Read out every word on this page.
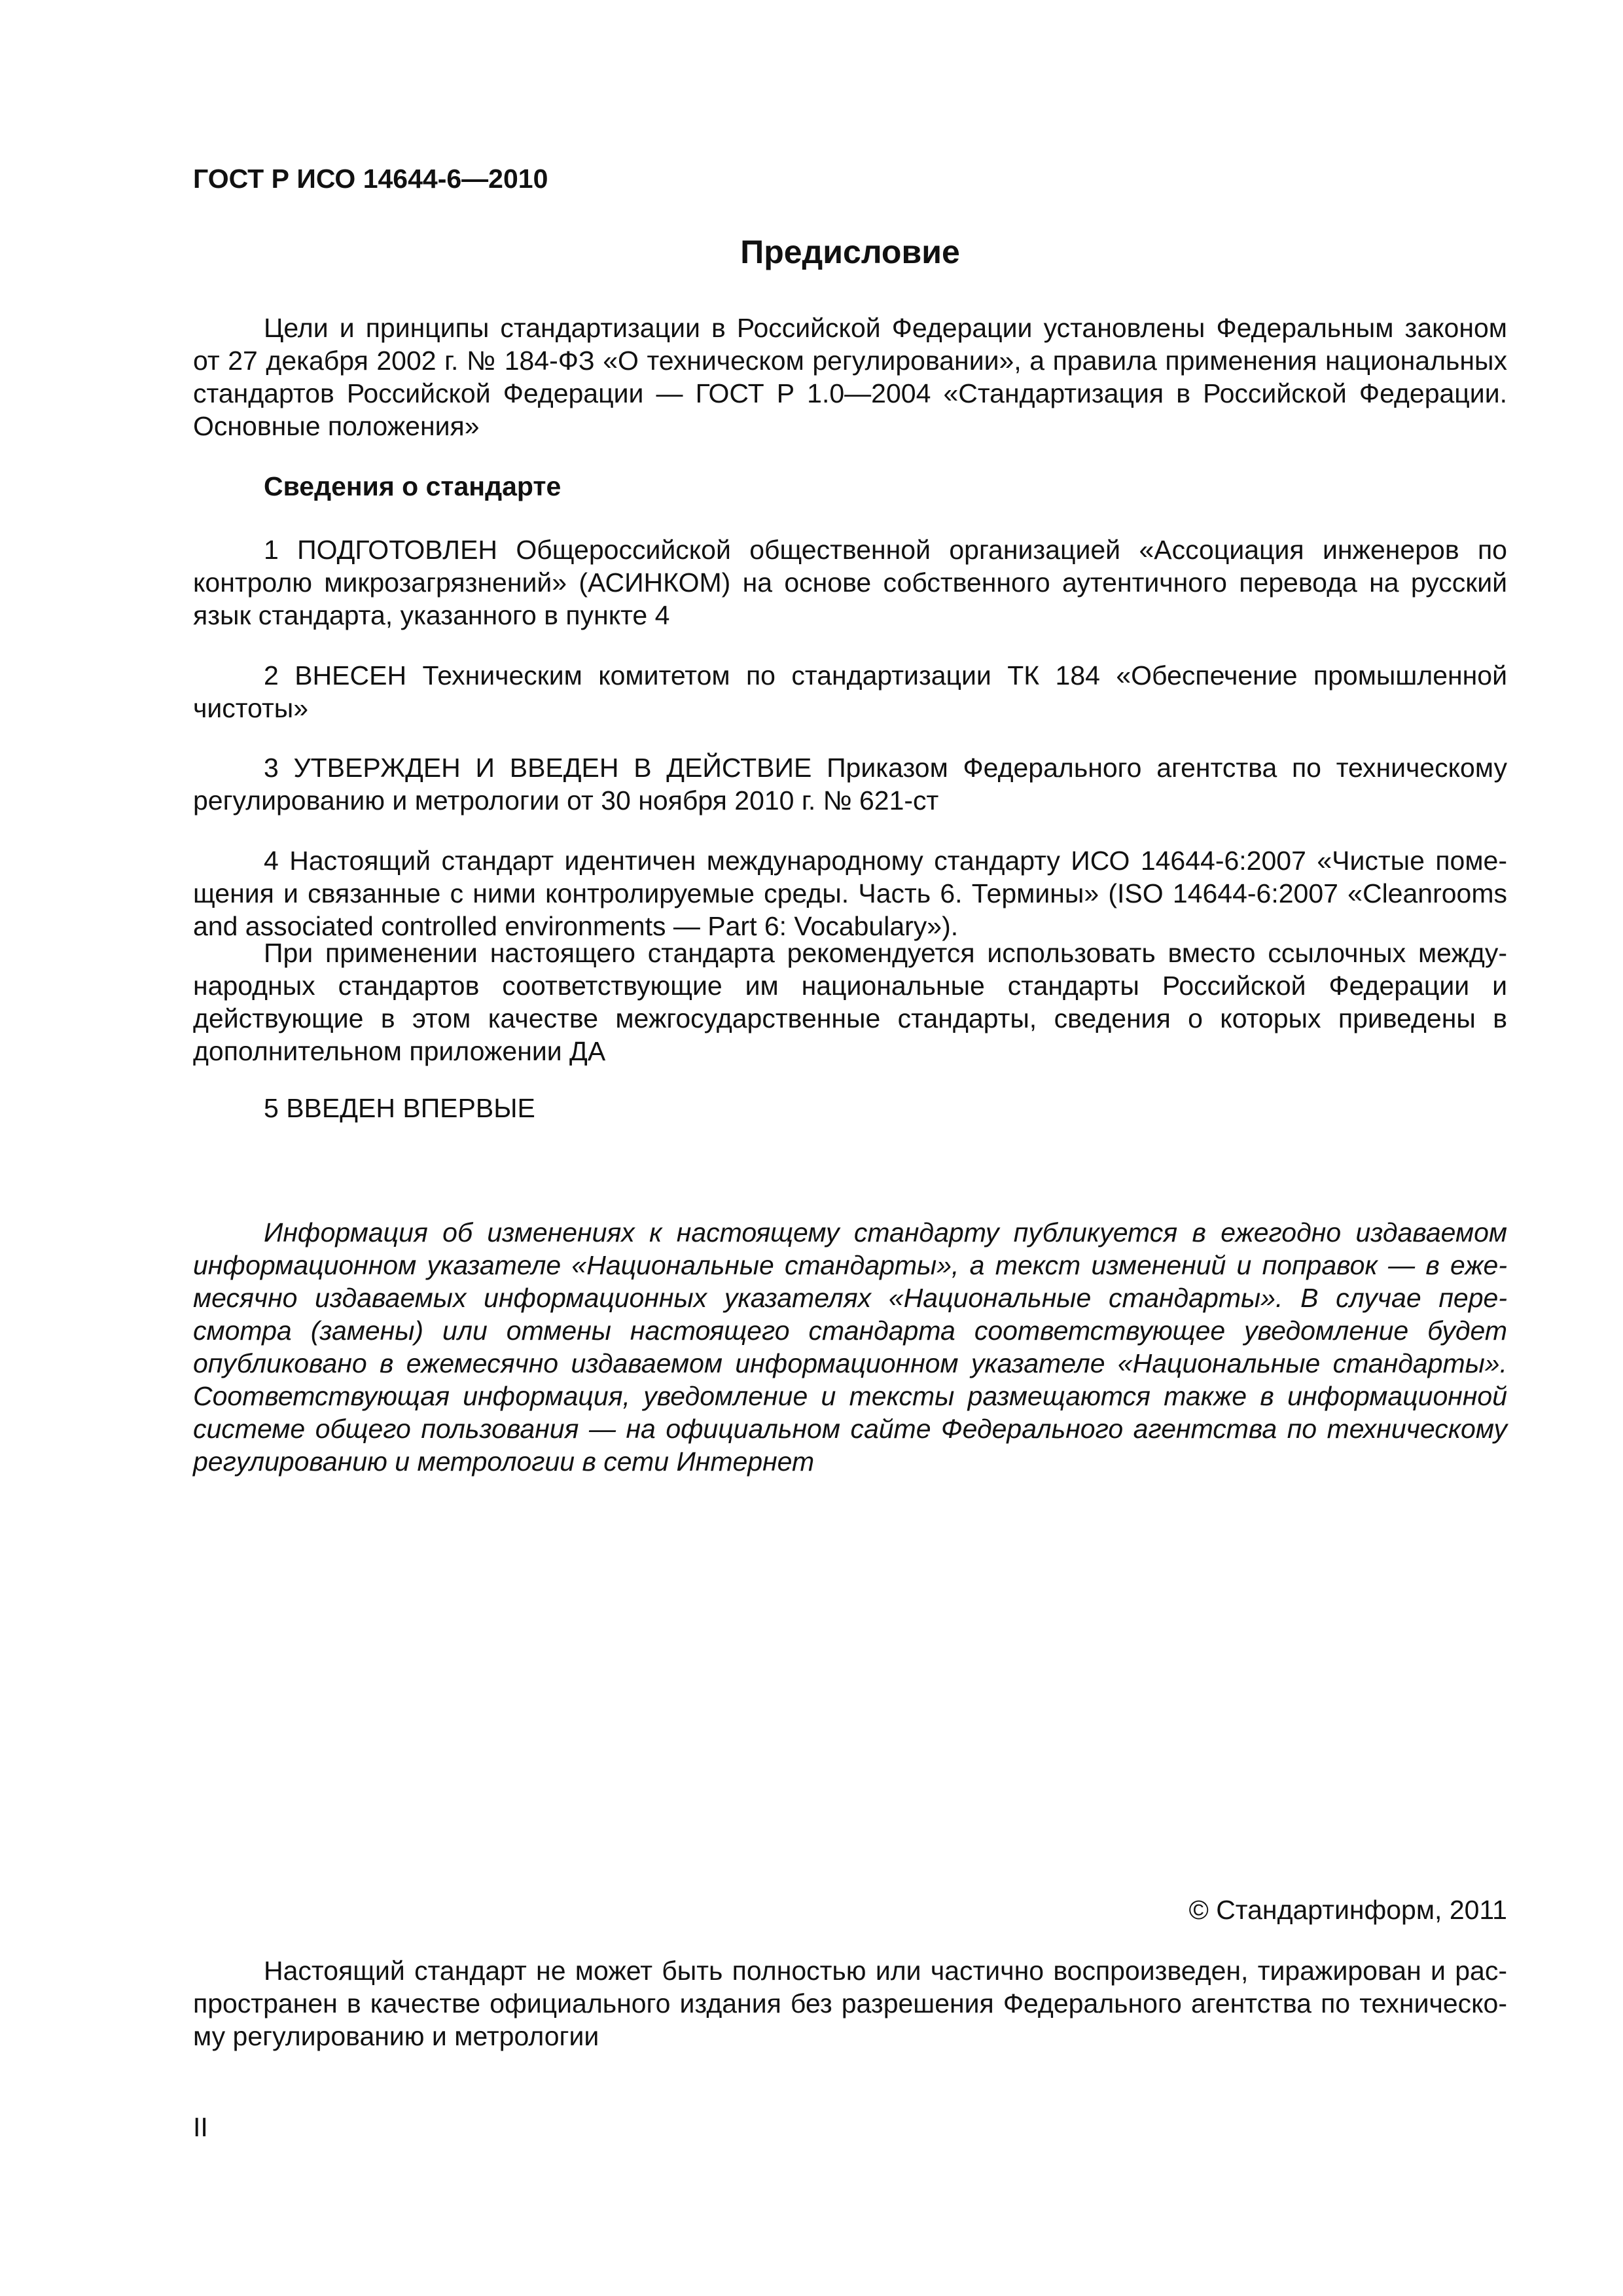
ГОСТ Р ИСО 14644-6—2010

Предисловие

Цели и принципы стандартизации в Российской Федерации установлены Федеральным законом от 27 декабря 2002 г. № 184-ФЗ «О техническом регулировании», а правила применения национальных стандартов Российской Федерации — ГОСТ Р 1.0—2004 «Стандартизация в Российской Федерации. Основные положения»

Сведения о стандарте

1 ПОДГОТОВЛЕН Общероссийской общественной организацией «Ассоциация инженеров по контролю микрозагрязнений» (АСИНКОМ) на основе собственного аутентичного перевода на русский язык стандарта, указанного в пункте 4

2 ВНЕСЕН Техническим комитетом по стандартизации ТК 184 «Обеспечение промышленной чистоты»

3 УТВЕРЖДЕН И ВВЕДЕН В ДЕЙСТВИЕ Приказом Федерального агентства по техническому регулированию и метрологии от 30 ноября 2010 г. № 621-ст

4 Настоящий стандарт идентичен международному стандарту ИСО 14644-6:2007 «Чистые помещения и связанные с ними контролируемые среды. Часть 6. Термины» (ISO 14644-6:2007 «Cleanrooms and associated controlled environments — Part 6: Vocabulary»).

При применении настоящего стандарта рекомендуется использовать вместо ссылочных международных стандартов соответствующие им национальные стандарты Российской Федерации и действующие в этом качестве межгосударственные стандарты, сведения о которых приведены в дополнительном приложении ДА

5 ВВЕДЕН ВПЕРВЫЕ

Информация об изменениях к настоящему стандарту публикуется в ежегодно издаваемом информационном указателе «Национальные стандарты», а текст изменений и поправок — в ежемесячно издаваемых информационных указателях «Национальные стандарты». В случае пересмотра (замены) или отмены настоящего стандарта соответствующее уведомление будет опубликовано в ежемесячно издаваемом информационном указателе «Национальные стандарты». Соответствующая информация, уведомление и тексты размещаются также в информационной системе общего пользования — на официальном сайте Федерального агентства по техническому регулированию и метрологии в сети Интернет

© Стандартинформ, 2011

Настоящий стандарт не может быть полностью или частично воспроизведен, тиражирован и распространен в качестве официального издания без разрешения Федерального агентства по техническому регулированию и метрологии

II
